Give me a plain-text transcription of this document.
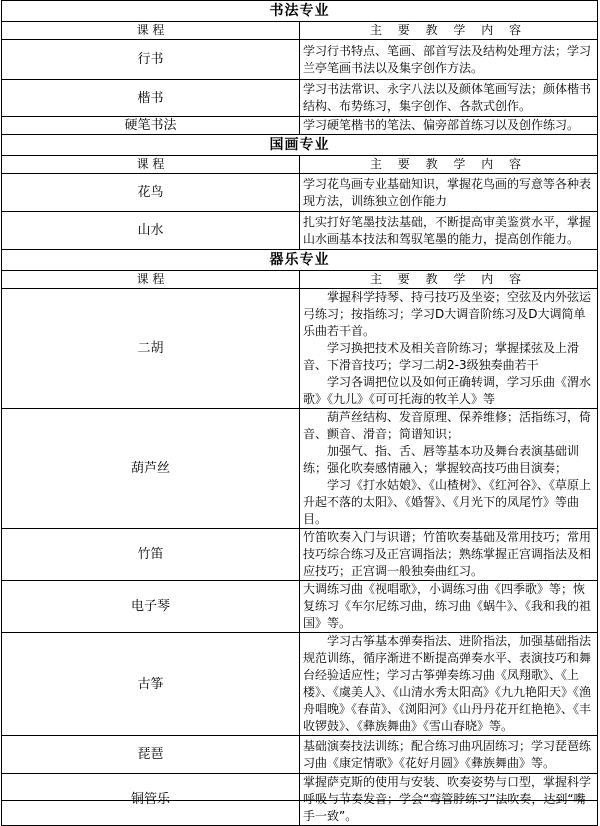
书法专业	
课 程	主 要 教 学 内 容
行书	学习行书特点、笔画、部首写法及结构处理方法；学习兰亭笔画书法以及集字创作方法。

楷书	学习书法常识、永字八法以及颜体笔画写法；颜体楷书结构、布势练习，集字创作、各款式创作。

硬笔书法	学习硬笔楷书的笔法、偏旁部首练习以及创作练习。

国画专业	
课 程	主 要 教 学 内 容
花鸟	学习花鸟画专业基础知识，掌握花鸟画的写意等各种表现方法，训练独立创作能力

山水	扎实打好笔墨技法基础，不断提高审美鉴赏水平，掌握山水画基本技法和驾驭笔墨的能力，提高创作能力。

器乐专业	
课 程	主 要 教 学 内 容
二胡	掌握科学持琴、持弓技巧及坐姿；空弦及内外弦运弓练习；按指练习；学习D大调音阶练习及D大调简单乐曲若干首。
学习换把技术及相关音阶练习；掌握揉弦及上滑音、下滑音技巧；学习二胡2-3级独奏曲若干
学习各调把位以及如何正确转调，学习乐曲《渭水歌》《九儿》《可可托海的牧羊人》等

葫芦丝	葫芦丝结构、发音原理、保养维修；活指练习，倚音、颤音、滑音；简谱知识；
加强气、指、舌、唇等基本功及舞台表演基础训练；强化吹奏感情融入；掌握较高技巧曲目演奏；
学习《打水姑娘》、《山楂树》、《红河谷》、《草原上升起不落的太阳》、《婚誓》、《月光下的凤尾竹》等曲目。

竹笛	竹笛吹奏入门与识谱；竹笛吹奏基础及常用技巧；常用技巧综合练习及正宫调指法；熟练掌握正宫调指法及相应技巧；正宫调一般独奏曲红习。

电子琴	大调练习曲《视唱歌》，小调练习曲《四季歌》等；恢复练习《车尔尼练习曲，练习曲《蜗牛》、《我和我的祖国》等。

古筝	学习古筝基本弹奏指法、进阶指法，加强基础指法规范训练，循序渐进不断提高弹奏水平、表演技巧和舞台经验适应性；学习古筝弹奏练习曲《凤翔歌》、《上楼》、《虞美人》、《山清水秀太阳高》《九九艳阳天》《渔舟唱晚》《春苗》、《浏阳河》《山丹丹花开红艳艳》、《丰收锣鼓》、《彝族舞曲》《雪山春晓》等。

琵琶	基础演奏技法训练；配合练习曲巩固练习；学习琵琶练习曲《康定情歌》《花好月圆》《彝族舞曲》等。

铜管乐	掌握萨克斯的使用与安装、吹奏姿势与口型，掌握科学呼吸与节奏发音；学会“弯管脖练习”法吹奏，达到“嘴手一致”。
